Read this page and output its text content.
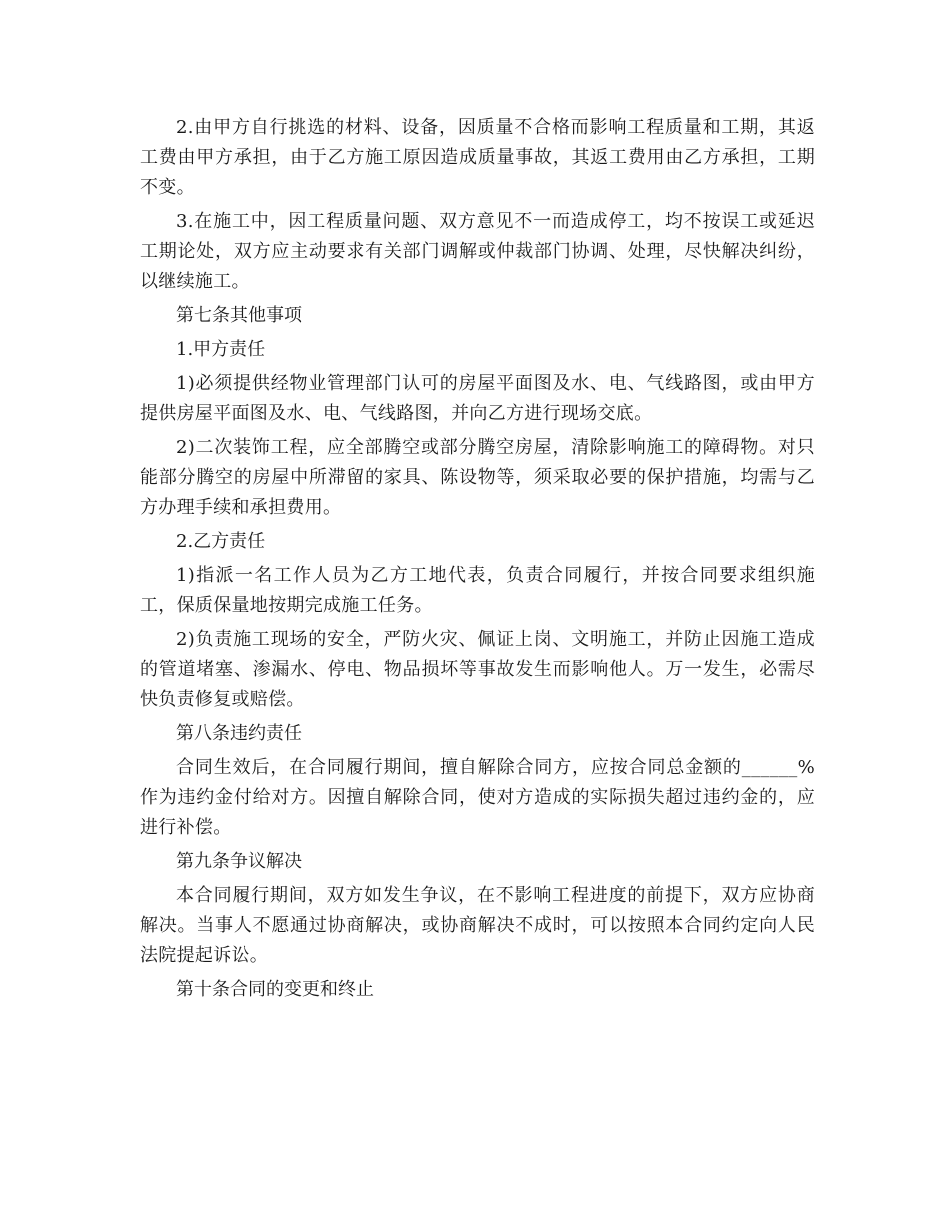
2.由甲方自行挑选的材料、设备，因质量不合格而影响工程质量和工期，其返工费由甲方承担，由于乙方施工原因造成质量事故，其返工费用由乙方承担，工期不变。

3.在施工中，因工程质量问题、双方意见不一而造成停工，均不按误工或延迟工期论处，双方应主动要求有关部门调解或仲裁部门协调、处理，尽快解决纠纷，以继续施工。

第七条其他事项

1.甲方责任

1)必须提供经物业管理部门认可的房屋平面图及水、电、气线路图，或由甲方提供房屋平面图及水、电、气线路图，并向乙方进行现场交底。

2)二次装饰工程，应全部腾空或部分腾空房屋，清除影响施工的障碍物。对只能部分腾空的房屋中所滞留的家具、陈设物等，须采取必要的保护措施，均需与乙方办理手续和承担费用。

2.乙方责任

1)指派一名工作人员为乙方工地代表，负责合同履行，并按合同要求组织施工，保质保量地按期完成施工任务。

2)负责施工现场的安全，严防火灾、佩证上岗、文明施工，并防止因施工造成的管道堵塞、渗漏水、停电、物品损坏等事故发生而影响他人。万一发生，必需尽快负责修复或赔偿。

第八条违约责任

合同生效后，在合同履行期间，擅自解除合同方，应按合同总金额的______%作为违约金付给对方。因擅自解除合同，使对方造成的实际损失超过违约金的，应进行补偿。

第九条争议解决

本合同履行期间，双方如发生争议，在不影响工程进度的前提下，双方应协商解决。当事人不愿通过协商解决，或协商解决不成时，可以按照本合同约定向人民法院提起诉讼。

第十条合同的变更和终止
